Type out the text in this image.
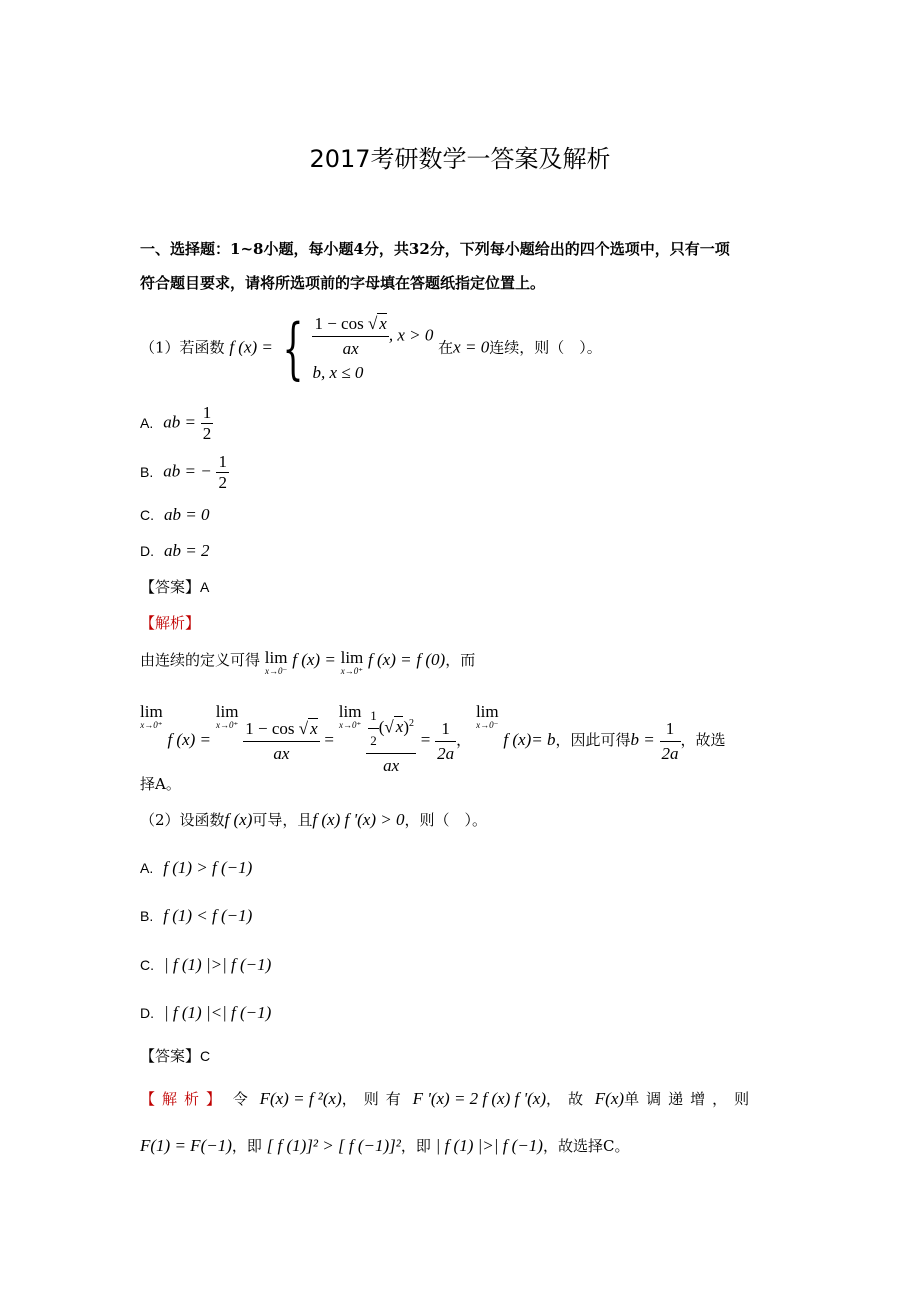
2017考研数学一答案及解析
一、选择题：1~8小题，每小题4分，共32分，下列每小题给出的四个选项中，只有一项
符合题目要求，请将所选项前的字母填在答题纸指定位置上。
（1）若函数 f (x) = { $\frac{1 - \cos √ x}{ax}$ , x > 0
b, x ≤ 0
在x = 0连续，则（　）。
A. ab = $\frac{1}{2}$
B. ab = − $\frac{1}{2}$
C. ab = 0
D. ab = 2
【答案】A
【解析】
由连续的定义可得 lim
x→0⁻
f (x) = lim
x→0⁺
f (x) = f (0)，而
lim
x→0⁺
f (x) = lim
x→0⁺
$\frac{1 - \cos √ x}{ax} = \lim$
x→0⁺
$\frac{\frac{1}{2} (√ x)^2}{ax} = \frac{1}{2a}$ ， lim
x→0⁻
f (x)= b，因此可得$b = \frac{1}{2a}$ ，故选
择A。
（2）设函数f (x)可导，且f (x) f '(x) > 0，则（　）。
A. f (1) > f (−1)
B. f (1) < f (−1)
C. | f (1) |>| f (−1)
D. | f (1) |<| f (−1)
【答案】C
【解析】 令 F(x) = f ²(x)，则有 F '(x) = 2 f (x) f '(x)，故 F(x)单调递增，则
F(1) = F(−1)，即 [ f (1)]² > [ f (−1)]²，即 | f (1) |>| f (−1)，故选择C。
